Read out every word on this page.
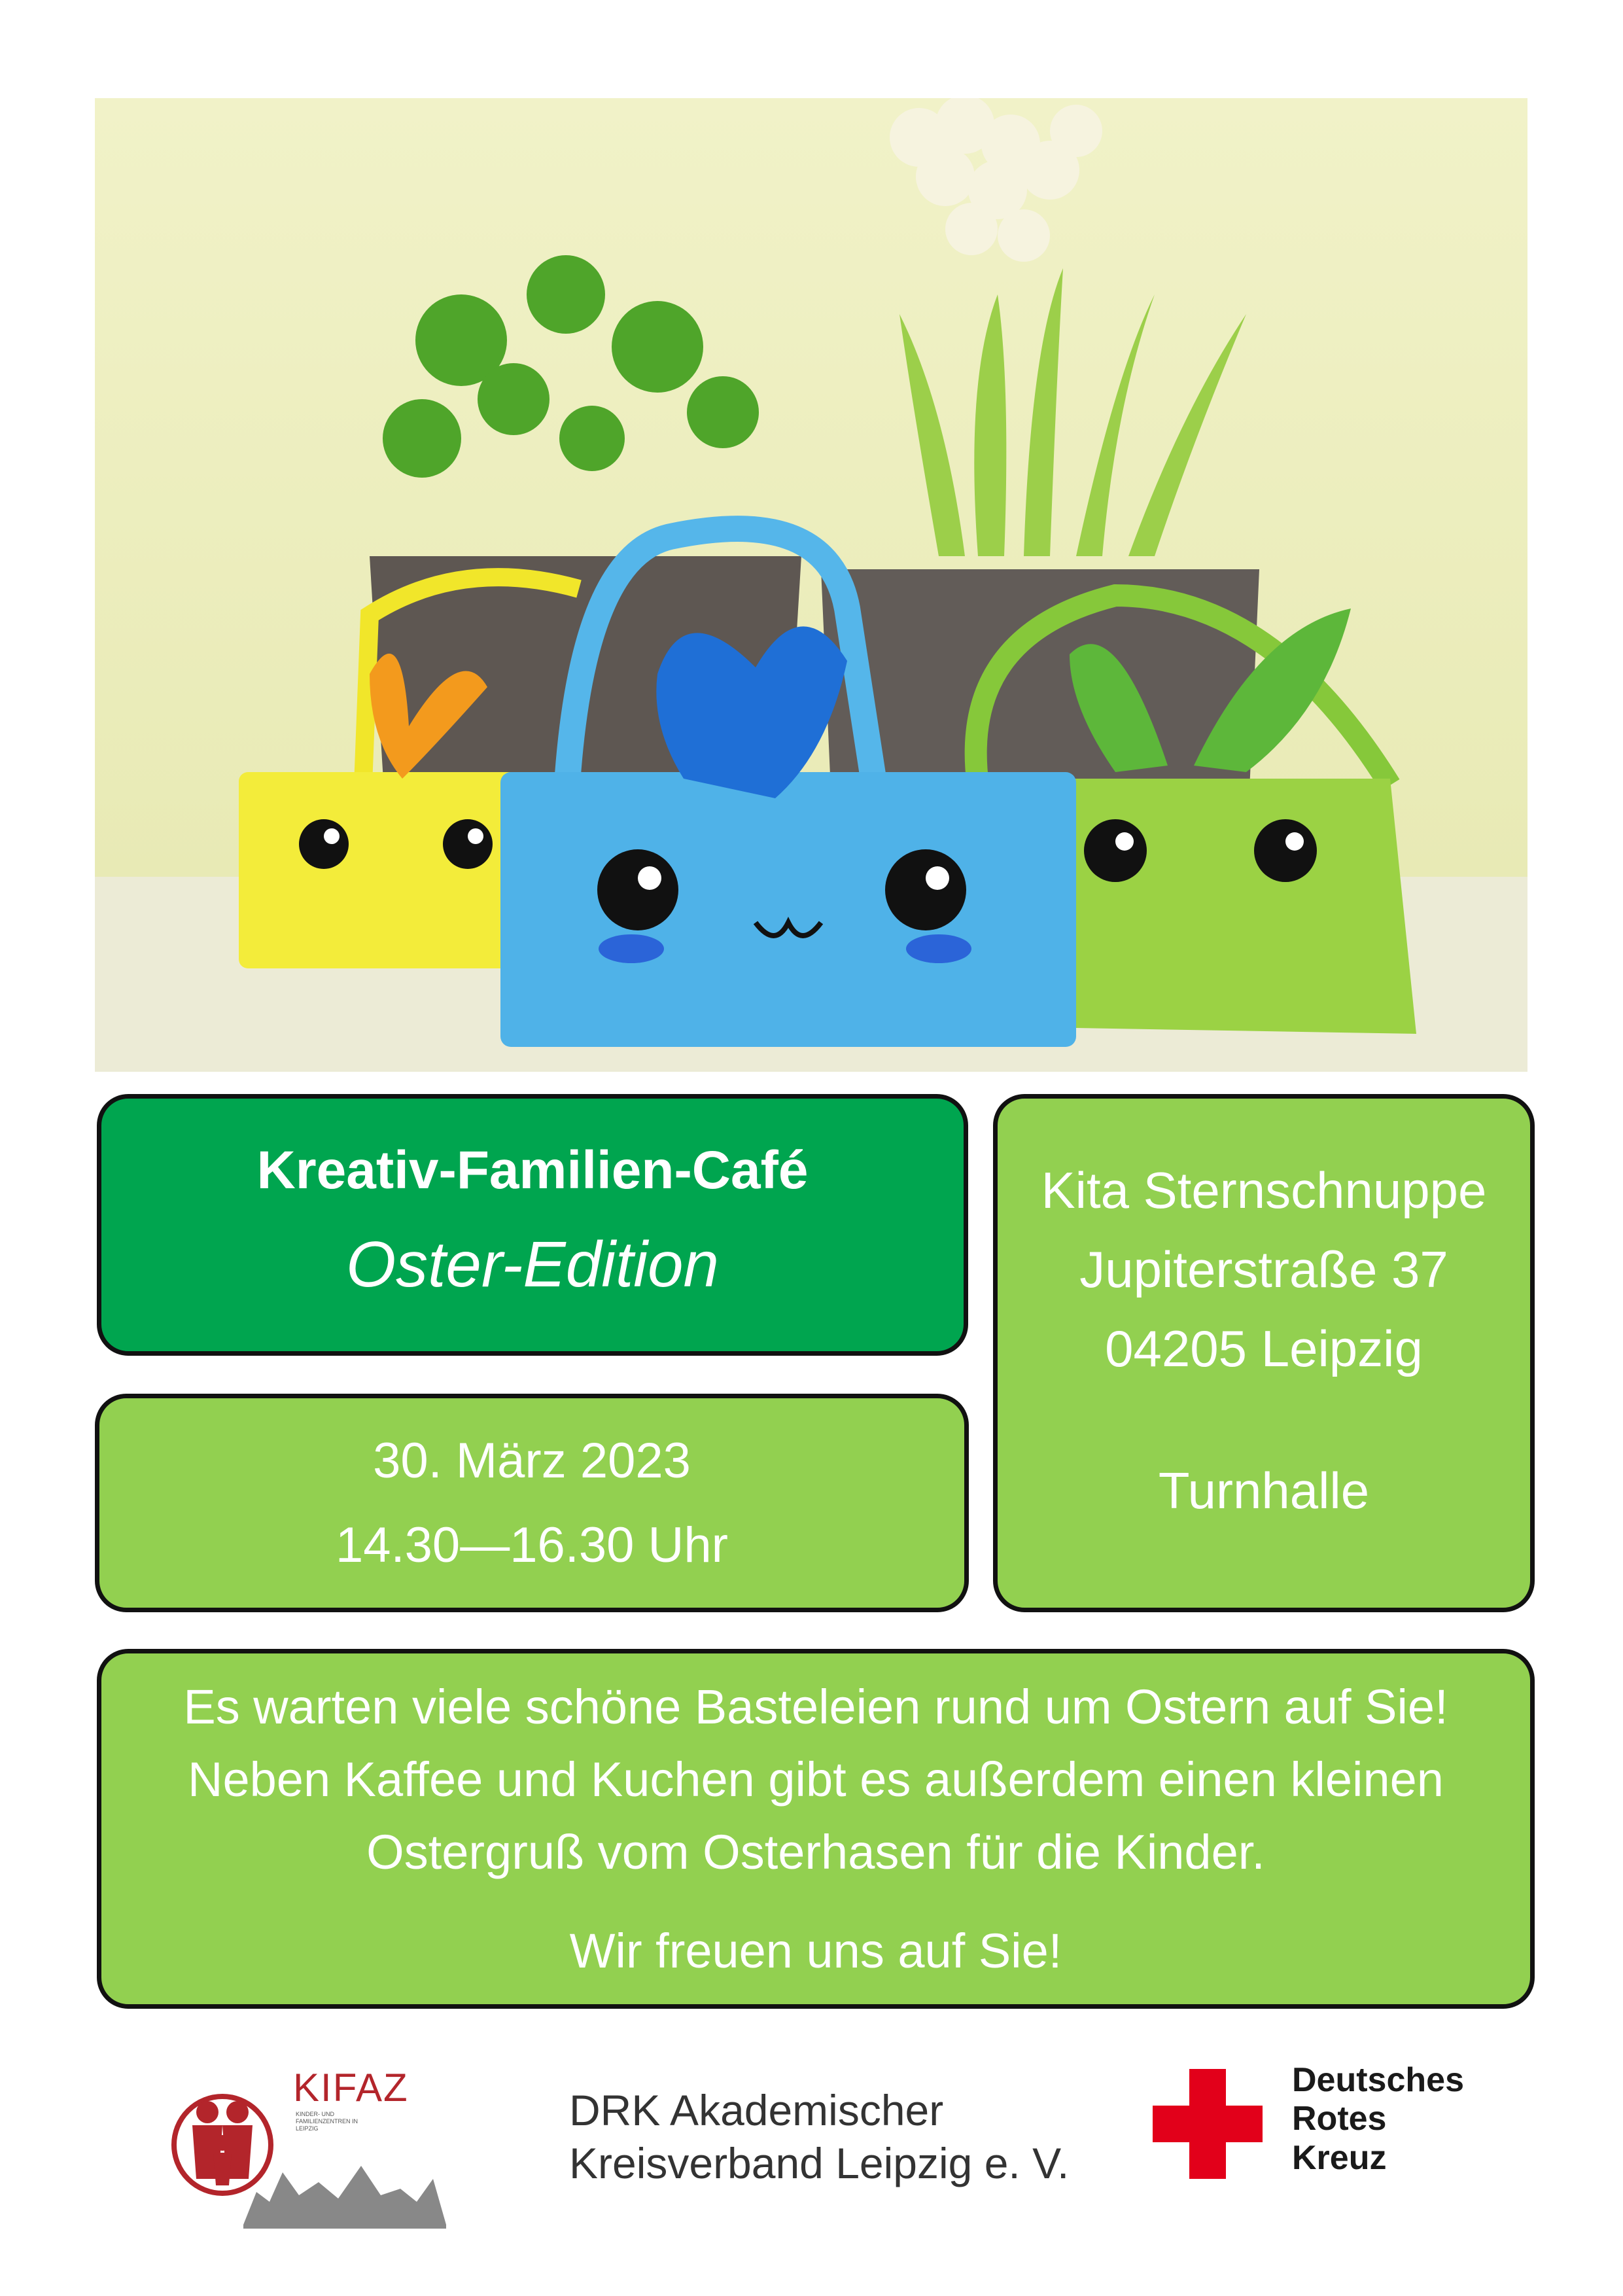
Kreativ-Familien-Café
Oster-Edition
30. März 2023
14.30—16.30 Uhr
Kita Sternschnuppe
Jupiterstraße 37
04205 Leipzig
Turnhalle
Es warten viele schöne Basteleien rund um Ostern auf Sie!
Neben Kaffee und Kuchen gibt es außerdem einen kleinen
Ostergruß vom Osterhasen für die Kinder.
Wir freuen uns auf Sie!
KIFAZ
KINDER- UND FAMILIENZENTREN IN LEIPZIG	DRK Akademischer
Kreisverband Leipzig e. V.
Deutsches
Rotes
Kreuz
